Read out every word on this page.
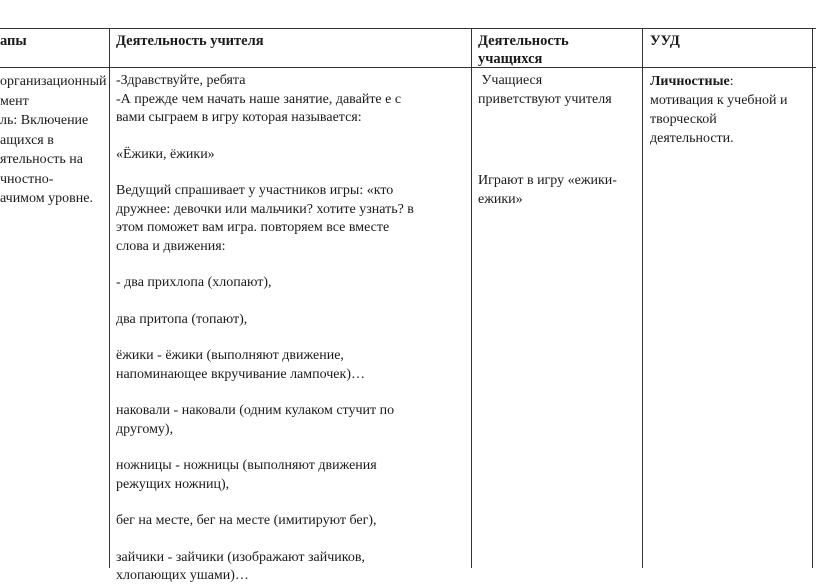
апы	Деятельность учителя	Деятельность

учащихся

УУД

организационный

мент

ль: Включение

ащихся в

ятельность на

чностно-

ачимом уровне.

-Здравствуйте, ребята

-А прежде чем начать наше занятие, давайте е с

вами сыграем в игру которая называется:

«Ёжики, ёжики»

Ведущий спрашивает у участников игры: «кто

дружнее: девочки или мальчики? хотите узнать? в

этом поможет вам игра. повторяем все вместе

слова и движения:

- два прихлопа (хлопают),

два притопа (топают),

ёжики - ёжики (выполняют движение,

напоминающее вкручивание лампочек)…

наковали - наковали (одним кулаком стучит по

другому),

ножницы - ножницы (выполняют движения

режущих ножниц),

бег на месте, бег на месте (имитируют бег),

зайчики - зайчики (изображают зайчиков,

хлопающих ушами)…

Учащиеся

приветствуют учителя

Играют в игру «ежики-

ежики»

Личностные:

мотивация к учебной и

творческой

деятельности.
